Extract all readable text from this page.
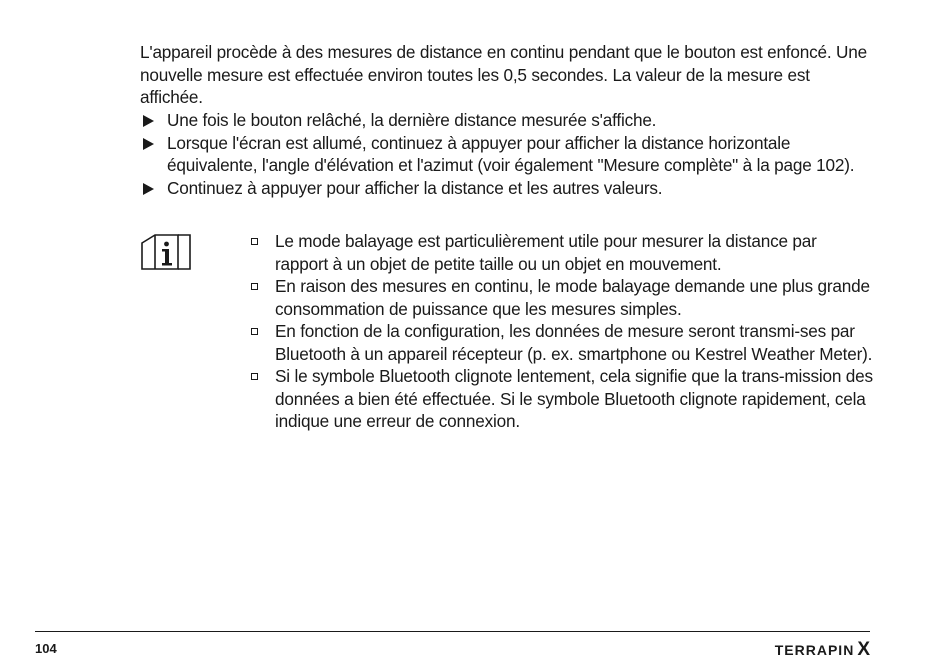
L'appareil procède à des mesures de distance en continu pendant que le bouton est enfoncé. Une nouvelle mesure est effectuée environ toutes les 0,5 secondes. La valeur de la mesure est affichée.

Une fois le bouton relâché, la dernière distance mesurée s'affiche.
Lorsque l'écran est allumé, continuez à appuyer pour afficher la distance horizontale équivalente, l'angle d'élévation et l'azimut (voir également "Mesure complète" à la page 102).
Continuez à appuyer pour afficher la distance et les autres valeurs.
Le mode balayage est particulièrement utile pour mesurer la distance par rapport à un objet de petite taille ou un objet en mouvement.
En raison des mesures en continu, le mode balayage demande une plus grande consommation de puissance que les mesures simples.
En fonction de la configuration, les données de mesure seront transmi-ses par Bluetooth à un appareil récepteur (p. ex. smartphone ou Kestrel Weather Meter).
Si le symbole Bluetooth clignote lentement, cela signifie que la trans-mission des données a bien été effectuée. Si le symbole Bluetooth clignote rapidement, cela indique une erreur de connexion.
104	TERRAPIN X
